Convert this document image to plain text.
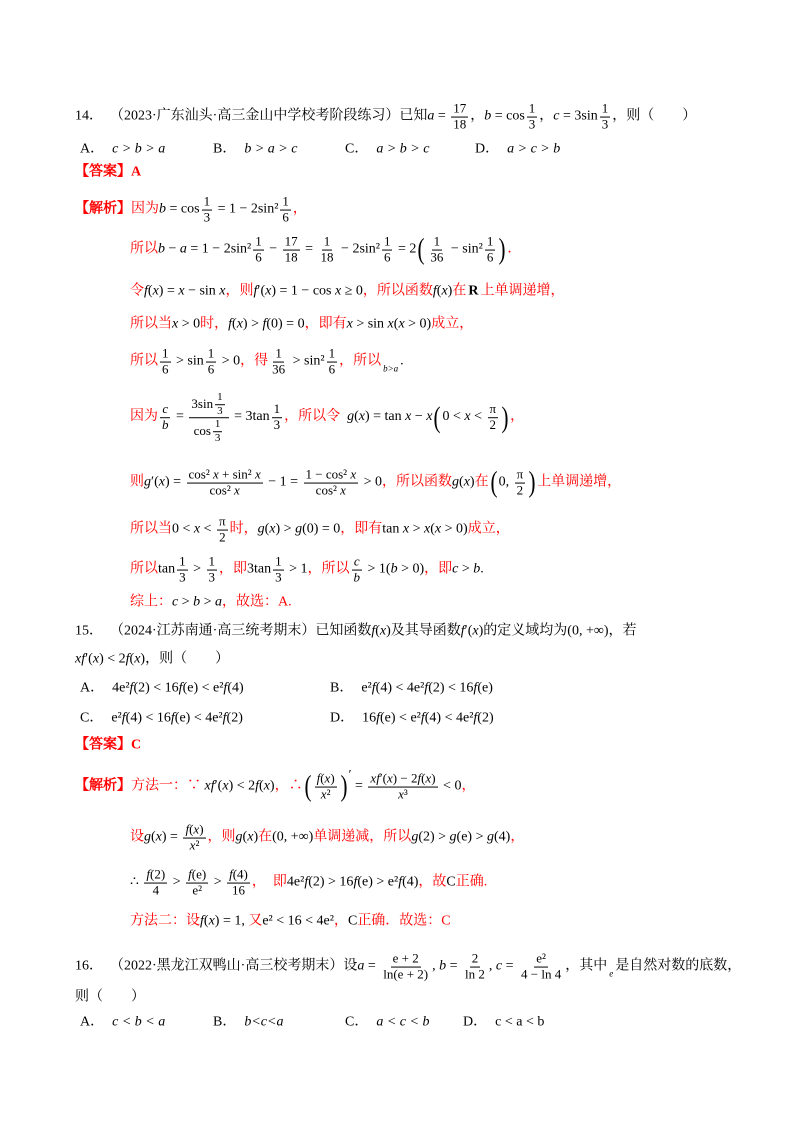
14．  （2023·广东汕头·高三金山中学校考阶段练习）已知 $a = \frac{17}{18}$ ， $b = \cos \frac{1}{3}$ ， $c = 3\sin \frac{1}{3}$ ，则（　　）
A． c > b > a	B． b > a > c	C． a > b > c	D． a > c > b
【答案】A
【解析】 因为 $b = \cos \frac{1}{3} = 1 - 2\sin^2 \frac{1}{6}$ ，
所以 $b - a = 1 - 2\sin^2 \frac{1}{6} - \frac{17}{18} = \frac{1}{18} - 2\sin^2 \frac{1}{6} = 2$ ( $\frac{1}{36} - \sin^2 \frac{1}{6}$ ) ．
令 f ( x ) = x − sin x ，则 f ′( x ) = 1 − cos x ≥ 0 ，所以函数 f ( x ) 在 R 上单调递增，
所以当 x > 0 时， f ( x ) > f (0) = 0 ，即有 x > sin x ( x > 0) 成立，
所以 $\frac{1}{6} > \sin \frac{1}{6} > 0$ ，得 $\frac{1}{36} > \sin^2 \frac{1}{6}$ ，所以 b>a .
因为 $\frac{c}{b} = \frac{3\sin \frac{1}{3}}{\cos \frac{1}{3}} = 3\tan \frac{1}{3}$ ，所以令 g ( x ) = tan x − x ( $0 < x < \frac{\pi}{2}$ ) ，
则 g ′( x ) = $\frac{\text{cos² x + sin² x}}{\text{cos² x}} - 1 = \frac{\text{1 − cos² x}}{\text{cos² x}} > 0$ ，所以函数 g ( x ) 在 ( 0, $\frac{\pi}{2}$ ) 上单调递增，
所以当 $0 < x < \frac{\pi}{2}$ 时， g ( x ) > g (0) = 0 ，即有 tan x > x ( x > 0) 成立，
所以 $\tan \frac{1}{3} > \frac{1}{3}$ ，即 $3\tan \frac{1}{3} > 1$ ，所以 $\frac{c}{b} > 1$( b > 0) ，即 c > b .
综上： c > b > a ，故选：A.
15．  （2024·江苏南通·高三统考期末）已知函数 f ( x ) 及其导函数 f ′( x ) 的定义域均为 (0, +∞) ，若
xf ′( x ) < 2 f ( x ) ，则（　　）
A． 4e² f (2) < 16 f (e) < e² f (4)	B． e² f (4) < 4e² f (2) < 16 f (e)
C． e² f (4) < 16 f (e) < 4e² f (2)	D． 16 f (e) < e² f (4) < 4e² f (2)
【答案】C
【解析】 方法一：∵ xf ′( x ) < 2 f ( x ) ，∴ ( $\frac{f ( x )}{\text{x ²}}$ ) ′
= $\frac{xf '( x ) - 2 f ( x )}{\text{x ³}} < 0$ ，
设 g ( x ) = $\frac{f ( x )}{\text{x ²}}$ ，则 g ( x ) 在 (0, +∞) 单调递减，所以 g (2) > g (e) > g (4) ，
∴ $\frac{f (2)}{4} > \frac{f (e)}{\text{e²}} > \frac{f (4)}{16}$ ，　即 4e² f (2) > 16 f (e) > e² f (4) ，故 C 正确.
方法二：设 f ( x ) = 1, 又 e² < 16 < 4e² ， C 正确．故选：C
16．  （2022·黑龙江双鸭山·高三校考期末）设 $a = \frac{e + 2}{\ln(e + 2)}$ , $b = \frac{2}{\ln 2}$ , $c = \frac{\text{e²}}{4 - \ln 4}$ ，其中 e 是自然对数的底数，
则（　　）
A． c < b < a	B． b<c<a	C． a < c < b D． c < a < b
